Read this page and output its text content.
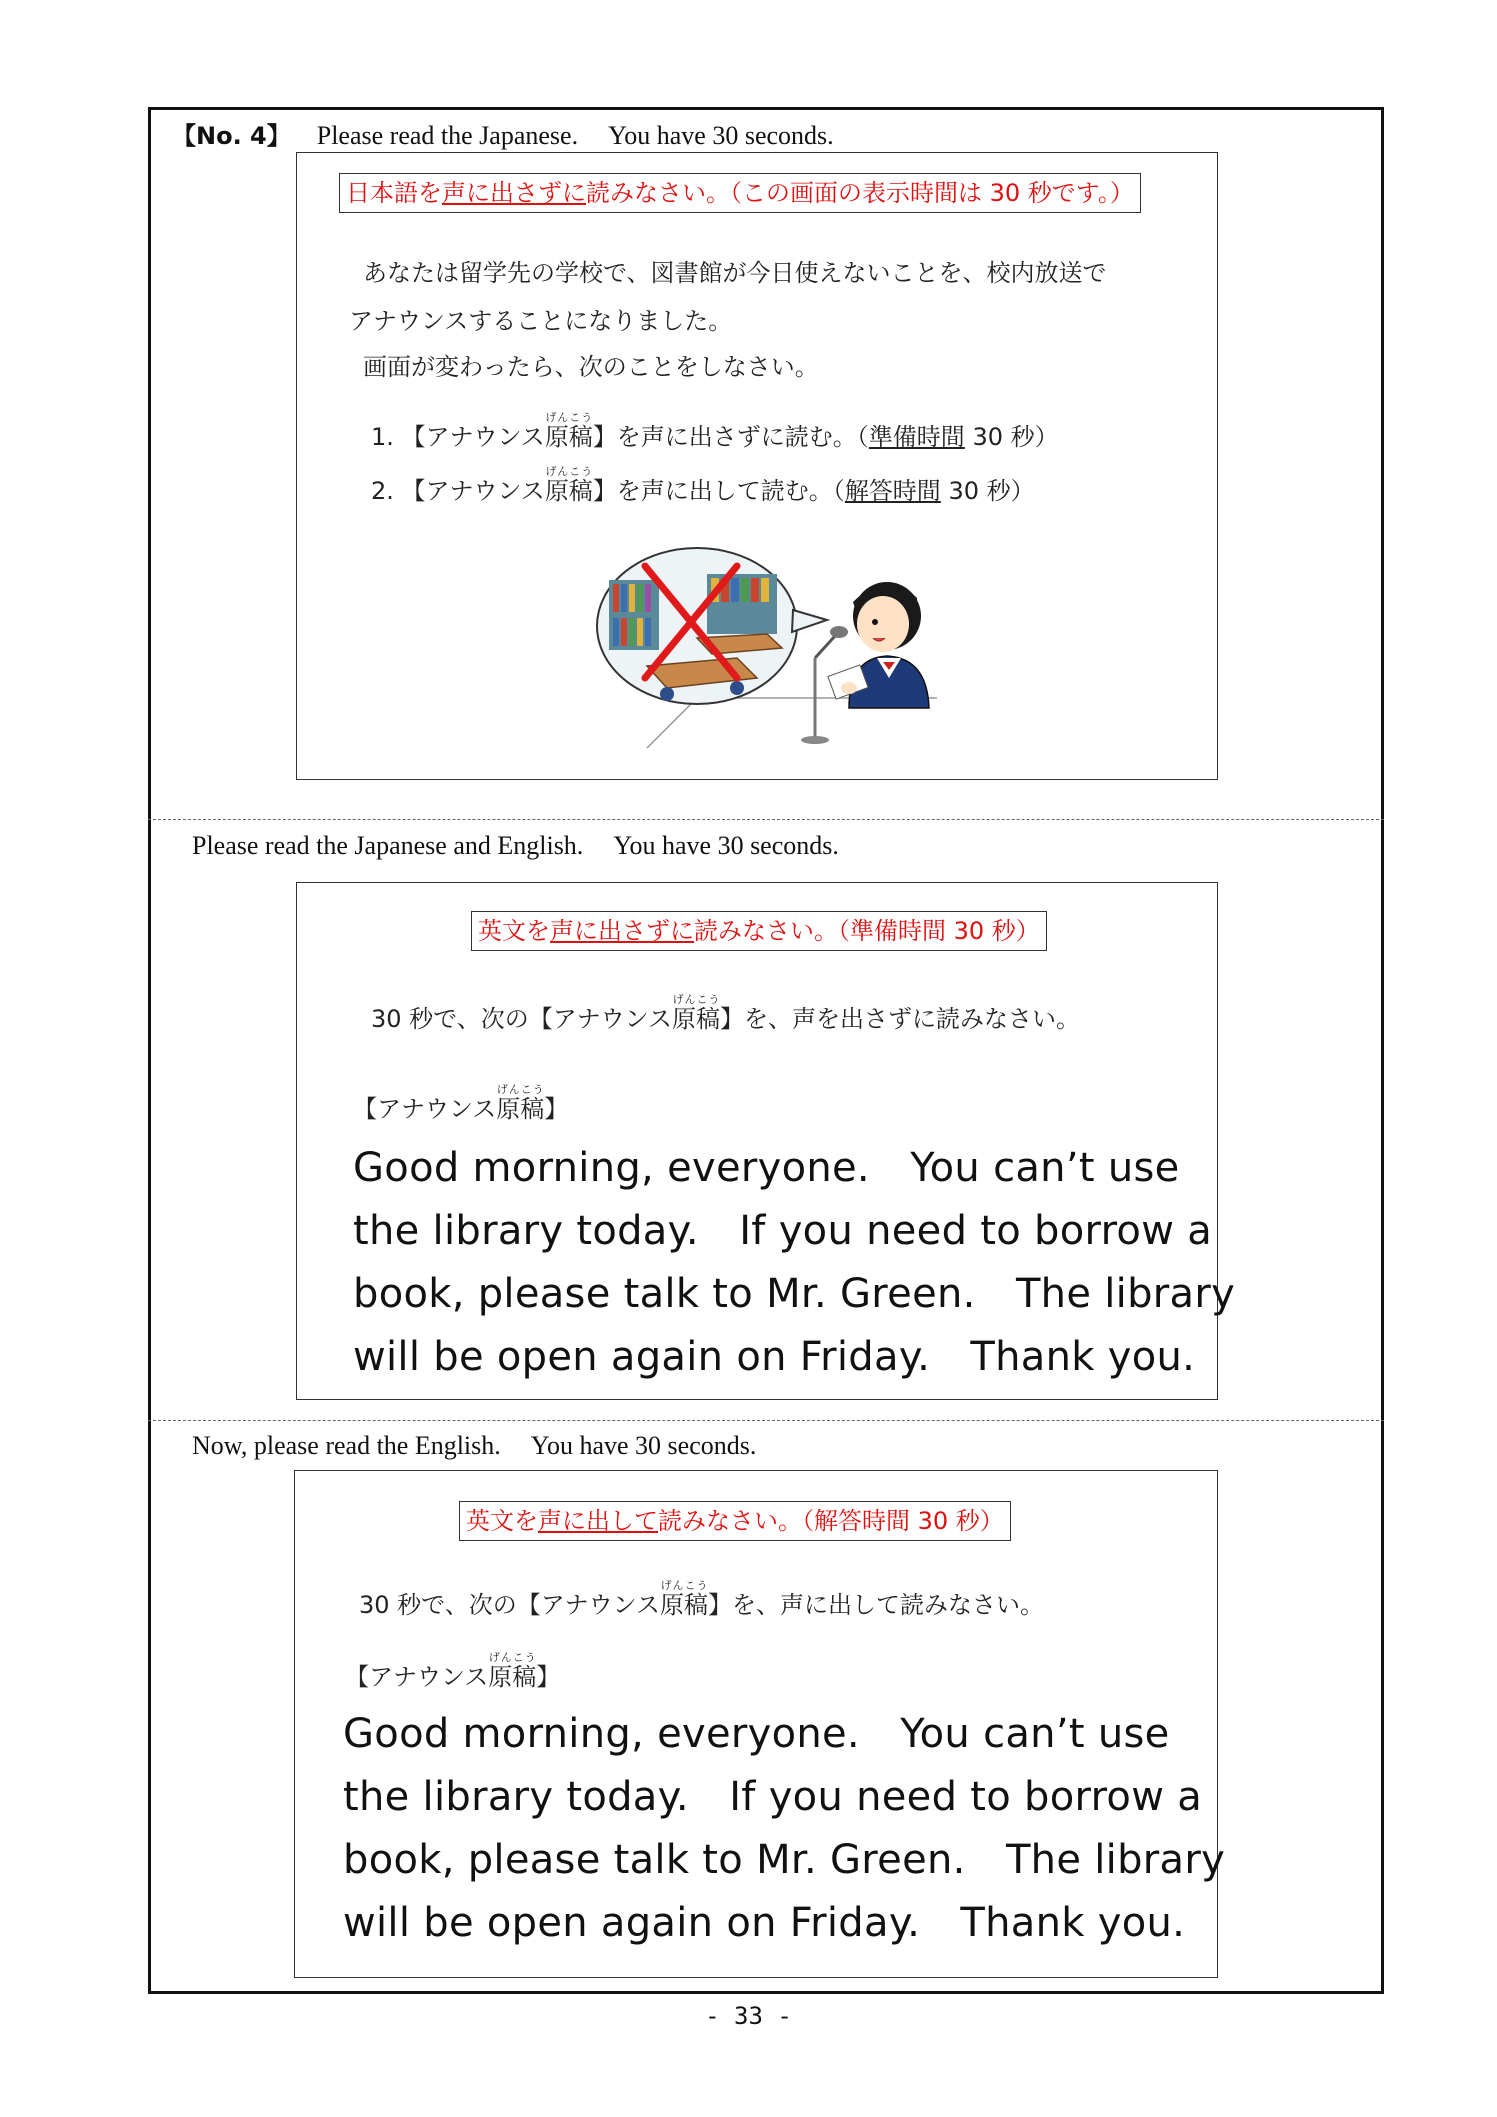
【No. 4】 Please read the Japanese. You have 30 seconds.
日本語を声に出さずに読みなさい。（この画面の表示時間は 30 秒です。）
あなたは留学先の学校で、図書館が今日使えないことを、校内放送で
アナウンスすることになりました。
画面が変わったら、次のことをしなさい。
1. 【アナウンス原稿げんこう】を声に出さずに読む。（準備時間 30 秒）
2. 【アナウンス原稿げんこう】を声に出して読む。（解答時間 30 秒）
Please read the Japanese and English. You have 30 seconds.
英文を声に出さずに読みなさい。（準備時間 30 秒）
30 秒で、次の【アナウンス原稿げんこう】を、声を出さずに読みなさい。
【アナウンス原稿げんこう】
Good morning, everyone.　You can’t use
the library today.　If you need to borrow a
book, please talk to Mr. Green.　The library
will be open again on Friday.　Thank you.
Now, please read the English. You have 30 seconds.
英文を声に出して読みなさい。（解答時間 30 秒）
30 秒で、次の【アナウンス原稿げんこう】を、声に出して読みなさい。
【アナウンス原稿げんこう】
Good morning, everyone.　You can’t use
the library today.　If you need to borrow a
book, please talk to Mr. Green.　The library
will be open again on Friday.　Thank you.
- 33 -
